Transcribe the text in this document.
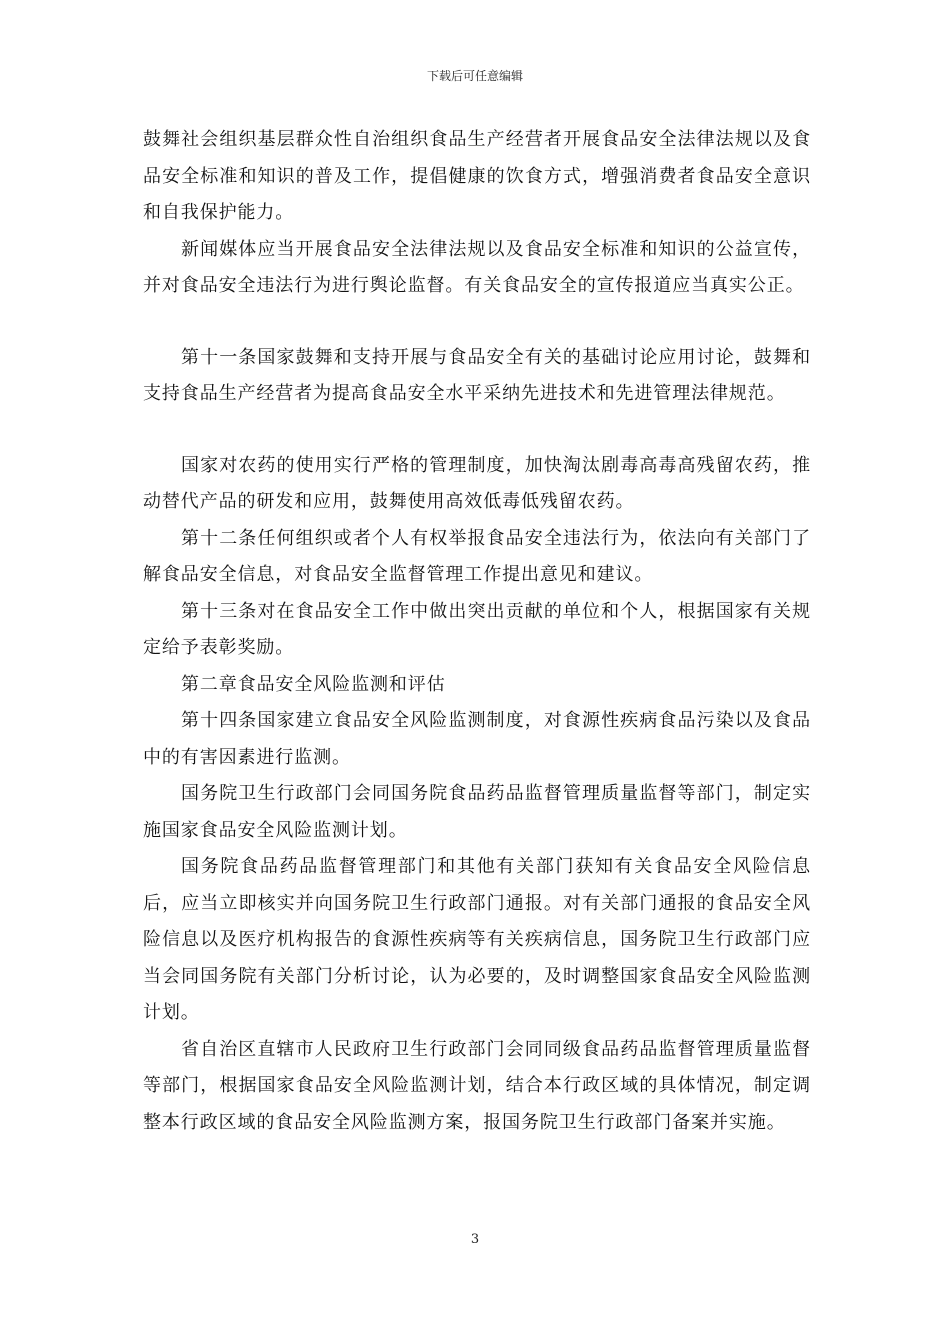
下载后可任意编辑

鼓舞社会组织基层群众性自治组织食品生产经营者开展食品安全法律法规以及食品安全标准和知识的普及工作，提倡健康的饮食方式，增强消费者食品安全意识和自我保护能力。

新闻媒体应当开展食品安全法律法规以及食品安全标准和知识的公益宣传，并对食品安全违法行为进行舆论监督。有关食品安全的宣传报道应当真实公正。

第十一条国家鼓舞和支持开展与食品安全有关的基础讨论应用讨论，鼓舞和支持食品生产经营者为提高食品安全水平采纳先进技术和先进管理法律规范。

国家对农药的使用实行严格的管理制度，加快淘汰剧毒高毒高残留农药，推动替代产品的研发和应用，鼓舞使用高效低毒低残留农药。

第十二条任何组织或者个人有权举报食品安全违法行为，依法向有关部门了解食品安全信息，对食品安全监督管理工作提出意见和建议。

第十三条对在食品安全工作中做出突出贡献的单位和个人，根据国家有关规定给予表彰奖励。

第二章食品安全风险监测和评估

第十四条国家建立食品安全风险监测制度，对食源性疾病食品污染以及食品中的有害因素进行监测。

国务院卫生行政部门会同国务院食品药品监督管理质量监督等部门，制定实施国家食品安全风险监测计划。

国务院食品药品监督管理部门和其他有关部门获知有关食品安全风险信息后，应当立即核实并向国务院卫生行政部门通报。对有关部门通报的食品安全风险信息以及医疗机构报告的食源性疾病等有关疾病信息，国务院卫生行政部门应当会同国务院有关部门分析讨论，认为必要的，及时调整国家食品安全风险监测计划。

省自治区直辖市人民政府卫生行政部门会同同级食品药品监督管理质量监督等部门，根据国家食品安全风险监测计划，结合本行政区域的具体情况，制定调整本行政区域的食品安全风险监测方案，报国务院卫生行政部门备案并实施。

3
